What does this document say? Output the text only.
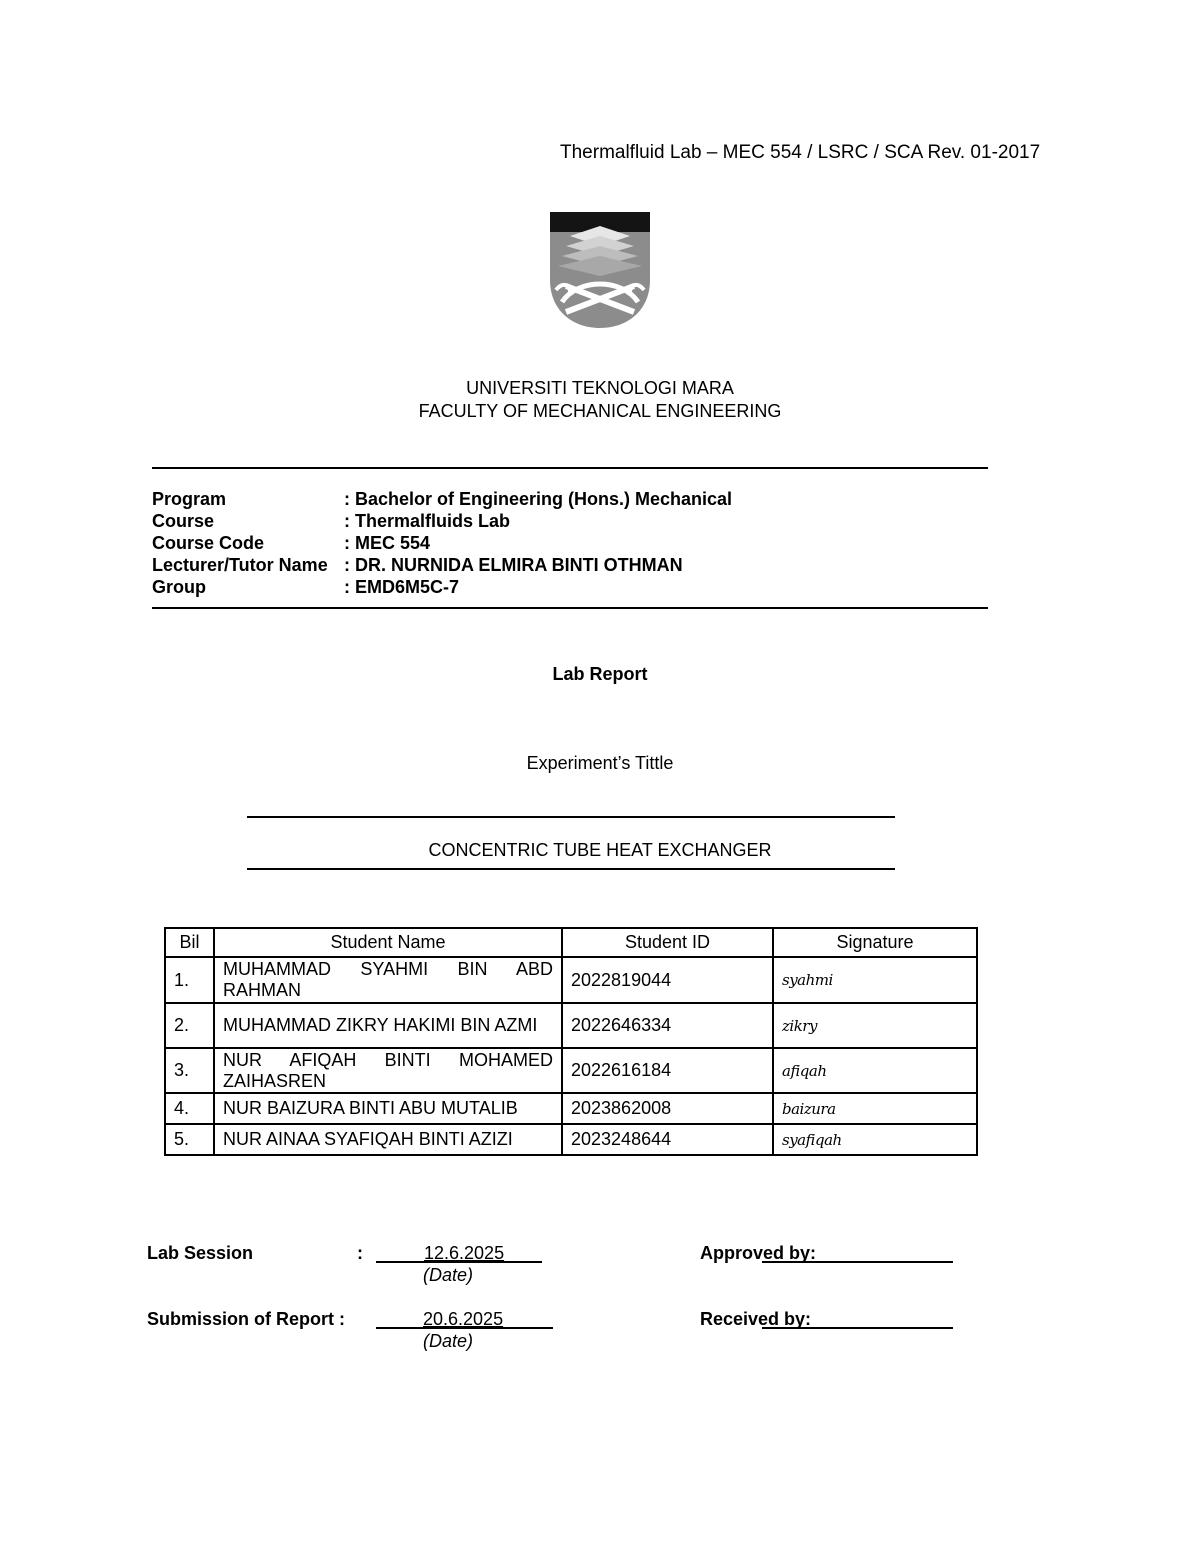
Thermalfluid Lab – MEC 554 / LSRC / SCA Rev. 01-2017
UNIVERSITI TEKNOLOGI MARA
FACULTY OF MECHANICAL ENGINEERING
Program	: Bachelor of Engineering (Hons.) Mechanical
Course	: Thermalfluids Lab
Course Code	: MEC 554
Lecturer/Tutor Name : DR. NURNIDA ELMIRA BINTI OTHMAN
Group	: EMD6M5C-7
Lab Report
Experiment’s Tittle
CONCENTRIC TUBE HEAT EXCHANGER
Bil	Student Name	Student ID	Signature
1.	MUHAMMAD SYAHMI BIN ABD RAHMAN	2022819044	syahmi
2.	MUHAMMAD ZIKRY HAKIMI BIN AZMI	2022646334	zikry
3.	NUR AFIQAH BINTI MOHAMED ZAIHASREN	2022616184	afiqah
4.	NUR BAIZURA BINTI ABU MUTALIB	2023862008	baizura
5.	NUR AINAA SYAFIQAH BINTI AZIZI	2023248644	syafiqah
Lab Session	:	12.6.2025
(Date)
Approved by:
Submission of Report :	20.6.2025
(Date)
Received by:
